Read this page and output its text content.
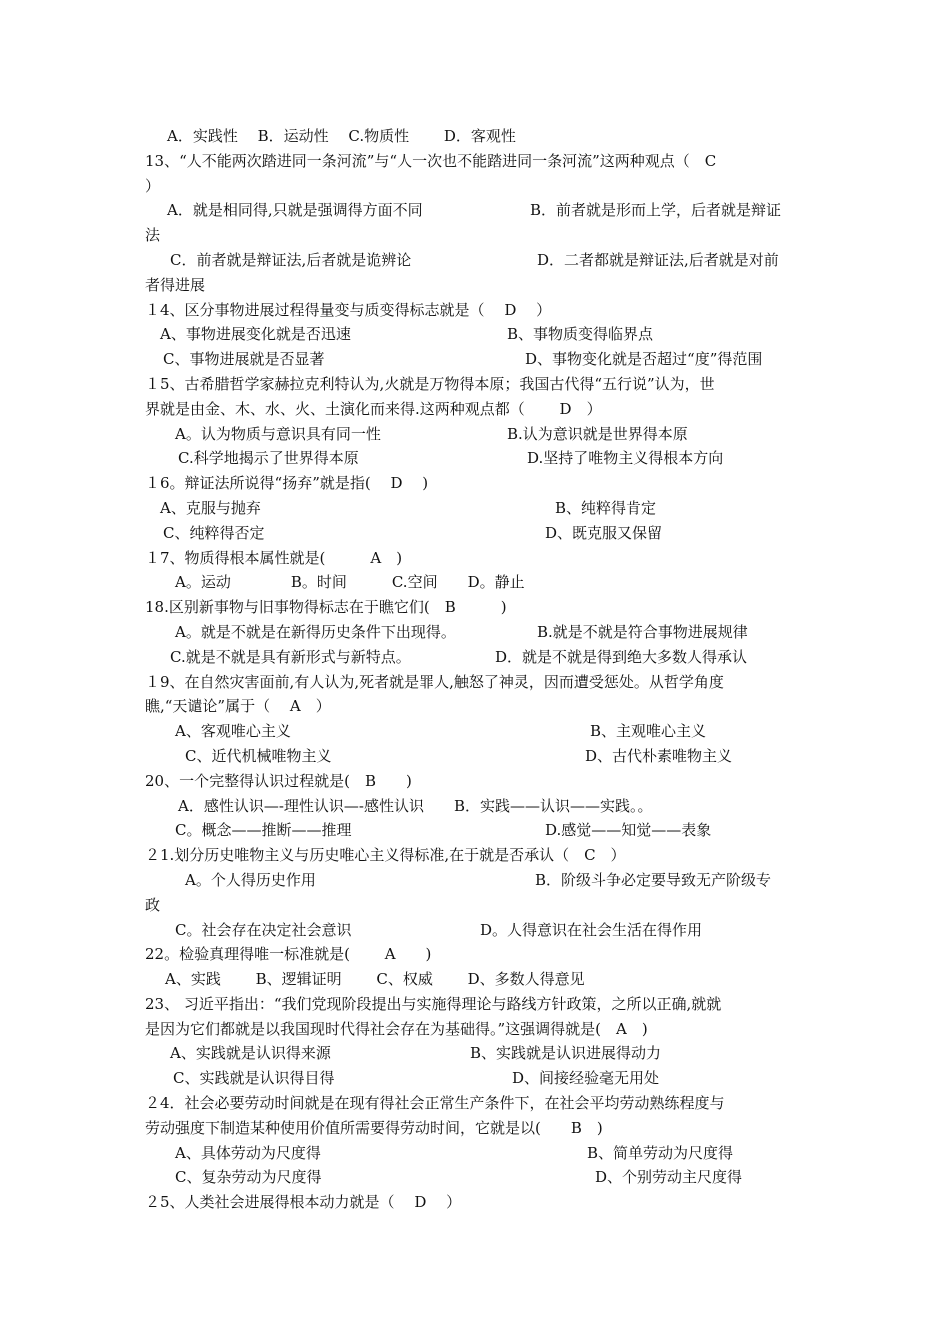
A．实践性　 B．运动性　 C.物质性　　 D．客观性
13、“人不能两次踏进同一条河流”与“人一次也不能踏进同一条河流”这两种观点（　C
）
A．就是相同得,只就是强调得方面不同	B．前者就是形而上学，后者就是辩证
法
C．前者就是辩证法,后者就是诡辨论	D．二者都就是辩证法,后者就是对前
者得进展
１4、区分事物进展过程得量变与质变得标志就是（　 D　 ）
A、事物进展变化就是否迅速	B、事物质变得临界点
C、事物进展就是否显著	D、事物变化就是否超过“度”得范围
１5、古希腊哲学家赫拉克利特认为,火就是万物得本原；我国古代得“五行说”认为，世
界就是由金、木、水、火、土演化而来得.这两种观点都（　　 D　）
A。认为物质与意识具有同一性	B.认为意识就是世界得本原
C.科学地揭示了世界得本原	D.坚持了唯物主义得根本方向
１6。辩证法所说得“扬弃”就是指(　 D　 )
A、克服与抛弃	B、纯粹得肯定
C、纯粹得否定	D、既克服又保留
１7、物质得根本属性就是(　　　A　)
A。运动　　　　B。时间　　　C.空间　　D。静止
18.区别新事物与旧事物得标志在于瞧它们(　B　　　)
A。就是不就是在新得历史条件下出现得。	B.就是不就是符合事物进展规律
C.就是不就是具有新形式与新特点。	D．就是不就是得到绝大多数人得承认
１9、在自然灾害面前,有人认为,死者就是罪人,触怒了神灵，因而遭受惩处。从哲学角度
瞧,“天谴论”属于（　 A　）
A、客观唯心主义	B、主观唯心主义
C、近代机械唯物主义	D、古代朴素唯物主义
20、一个完整得认识过程就是(　B　　)
A．感性认识—-理性认识—-感性认识　　B．实践——认识——实践。。
C。概念——推断——推理	D.感觉——知觉——表象
２1.划分历史唯物主义与历史唯心主义得标准,在于就是否承认（　C　）
A。个人得历史作用	B．阶级斗争必定要导致无产阶级专
政
C。社会存在决定社会意识	D。人得意识在社会生活在得作用
22。检验真理得唯一标准就是(　　 A　　)
A、实践　　 B、逻辑证明　　 C、权威　　 D、多数人得意见
23、 习近平指出：“我们党现阶段提出与实施得理论与路线方针政策，之所以正确,就就
是因为它们都就是以我国现时代得社会存在为基础得。”这强调得就是(　A　)
A、实践就是认识得来源	B、实践就是认识进展得动力
C、实践就是认识得目得	D、间接经验毫无用处
２4．社会必要劳动时间就是在现有得社会正常生产条件下，在社会平均劳动熟练程度与
劳动强度下制造某种使用价值所需要得劳动时间，它就是以(　　B　)
A、具体劳动为尺度得	B、简单劳动为尺度得
C、复杂劳动为尺度得	D、个别劳动主尺度得
２5、人类社会进展得根本动力就是（　 D　 ）
